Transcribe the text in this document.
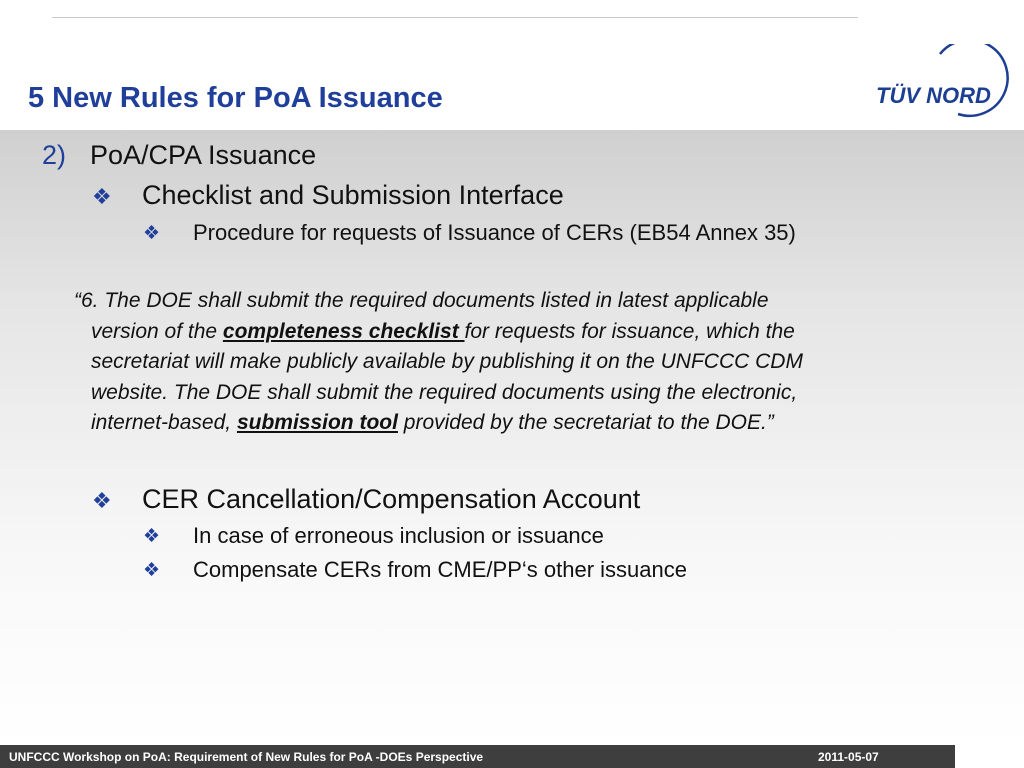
5 New Rules for PoA Issuance	TÜV NORD
2) PoA/CPA Issuance
❖ Checklist and Submission Interface
❖ Procedure for requests of Issuance of CERs (EB54 Annex 35)
“6. The DOE shall submit the required documents listed in latest applicable
version of the completeness checklist for requests for issuance, which the
secretariat will make publicly available by publishing it on the UNFCCC CDM
website. The DOE shall submit the required documents using the electronic,
internet-based, submission tool provided by the secretariat to the DOE.”
❖ CER Cancellation/Compensation Account
❖ In case of erroneous inclusion or issuance
❖ Compensate CERs from CME/PP‘s other issuance
UNFCCC Workshop on PoA: Requirement of New Rules for PoA -DOEs Perspective	2011-05-07
